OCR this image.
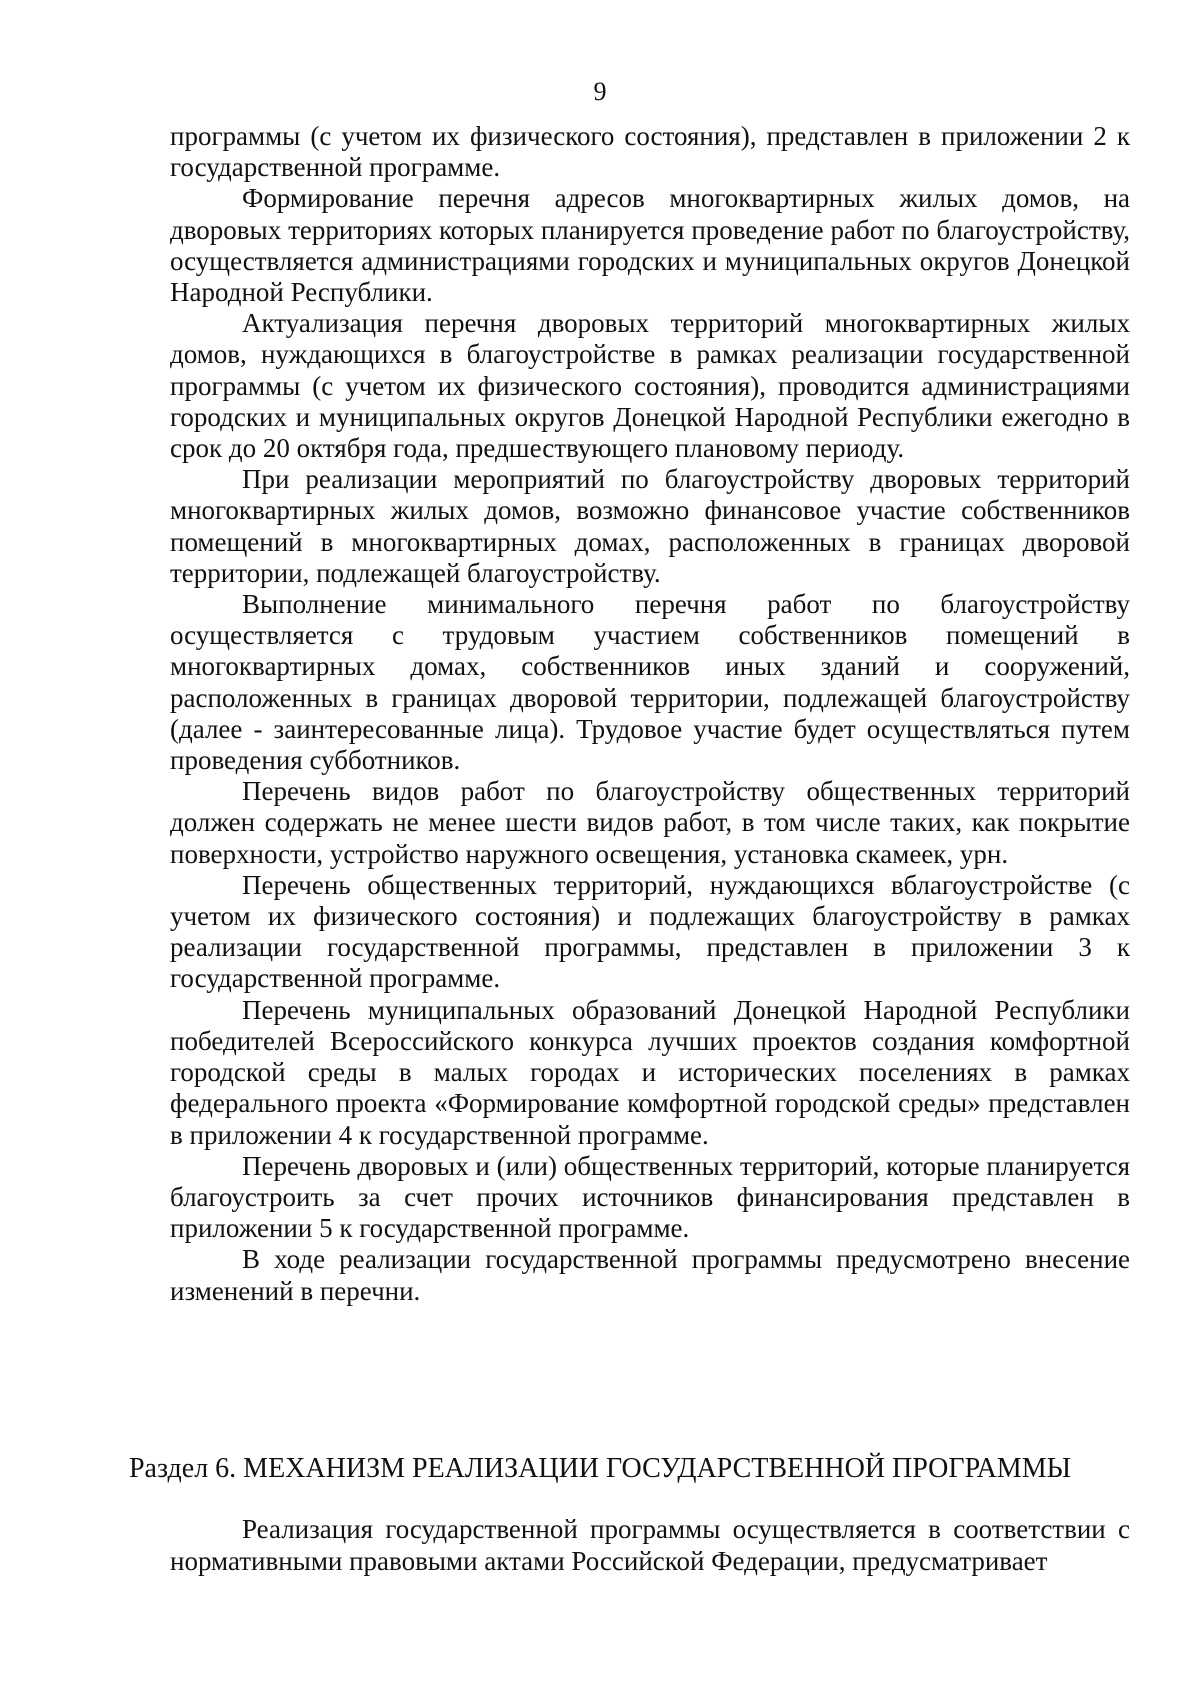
9

программы (с учетом их физического состояния), представлен в приложении 2 к государственной программе.

Формирование перечня адресов многоквартирных жилых домов, на дворовых территориях которых планируется проведение работ по благоустройству, осуществляется администрациями городских и муниципальных округов Донецкой Народной Республики.

Актуализация перечня дворовых территорий многоквартирных жилых домов, нуждающихся в благоустройстве в рамках реализации государственной программы (с учетом их физического состояния), проводится администрациями городских и муниципальных округов Донецкой Народной Республики ежегодно в срок до 20 октября года, предшествующего плановому периоду.

При реализации мероприятий по благоустройству дворовых территорий многоквартирных жилых домов, возможно финансовое участие собственников помещений в многоквартирных домах, расположенных в границах дворовой территории, подлежащей благоустройству.

Выполнение минимального перечня работ по благоустройству осуществляется с трудовым участием собственников помещений в многоквартирных домах, собственников иных зданий и сооружений, расположенных в границах дворовой территории, подлежащей благоустройству (далее - заинтересованные лица). Трудовое участие будет осуществляться путем проведения субботников.

Перечень видов работ по благоустройству общественных территорий должен содержать не менее шести видов работ, в том числе таких, как покрытие поверхности, устройство наружного освещения, установка скамеек, урн.

Перечень общественных территорий, нуждающихся вблагоустройстве (с учетом их физического состояния) и подлежащих благоустройству в рамках реализации государственной программы, представлен в приложении 3 к государственной программе.

Перечень муниципальных образований Донецкой Народной Республики победителей Всероссийского конкурса лучших проектов создания комфортной городской среды в малых городах и исторических поселениях в рамках федерального проекта «Формирование комфортной городской среды» представлен в приложении 4 к государственной программе.

Перечень дворовых и (или) общественных территорий, которые планируется благоустроить за счет прочих источников финансирования представлен в приложении 5 к государственной программе.

В ходе реализации государственной программы предусмотрено внесение изменений в перечни.

Раздел 6. МЕХАНИЗМ РЕАЛИЗАЦИИ ГОСУДАРСТВЕННОЙ ПРОГРАММЫ

Реализация государственной программы осуществляется в соответствии с нормативными правовыми актами Российской Федерации, предусматривает
